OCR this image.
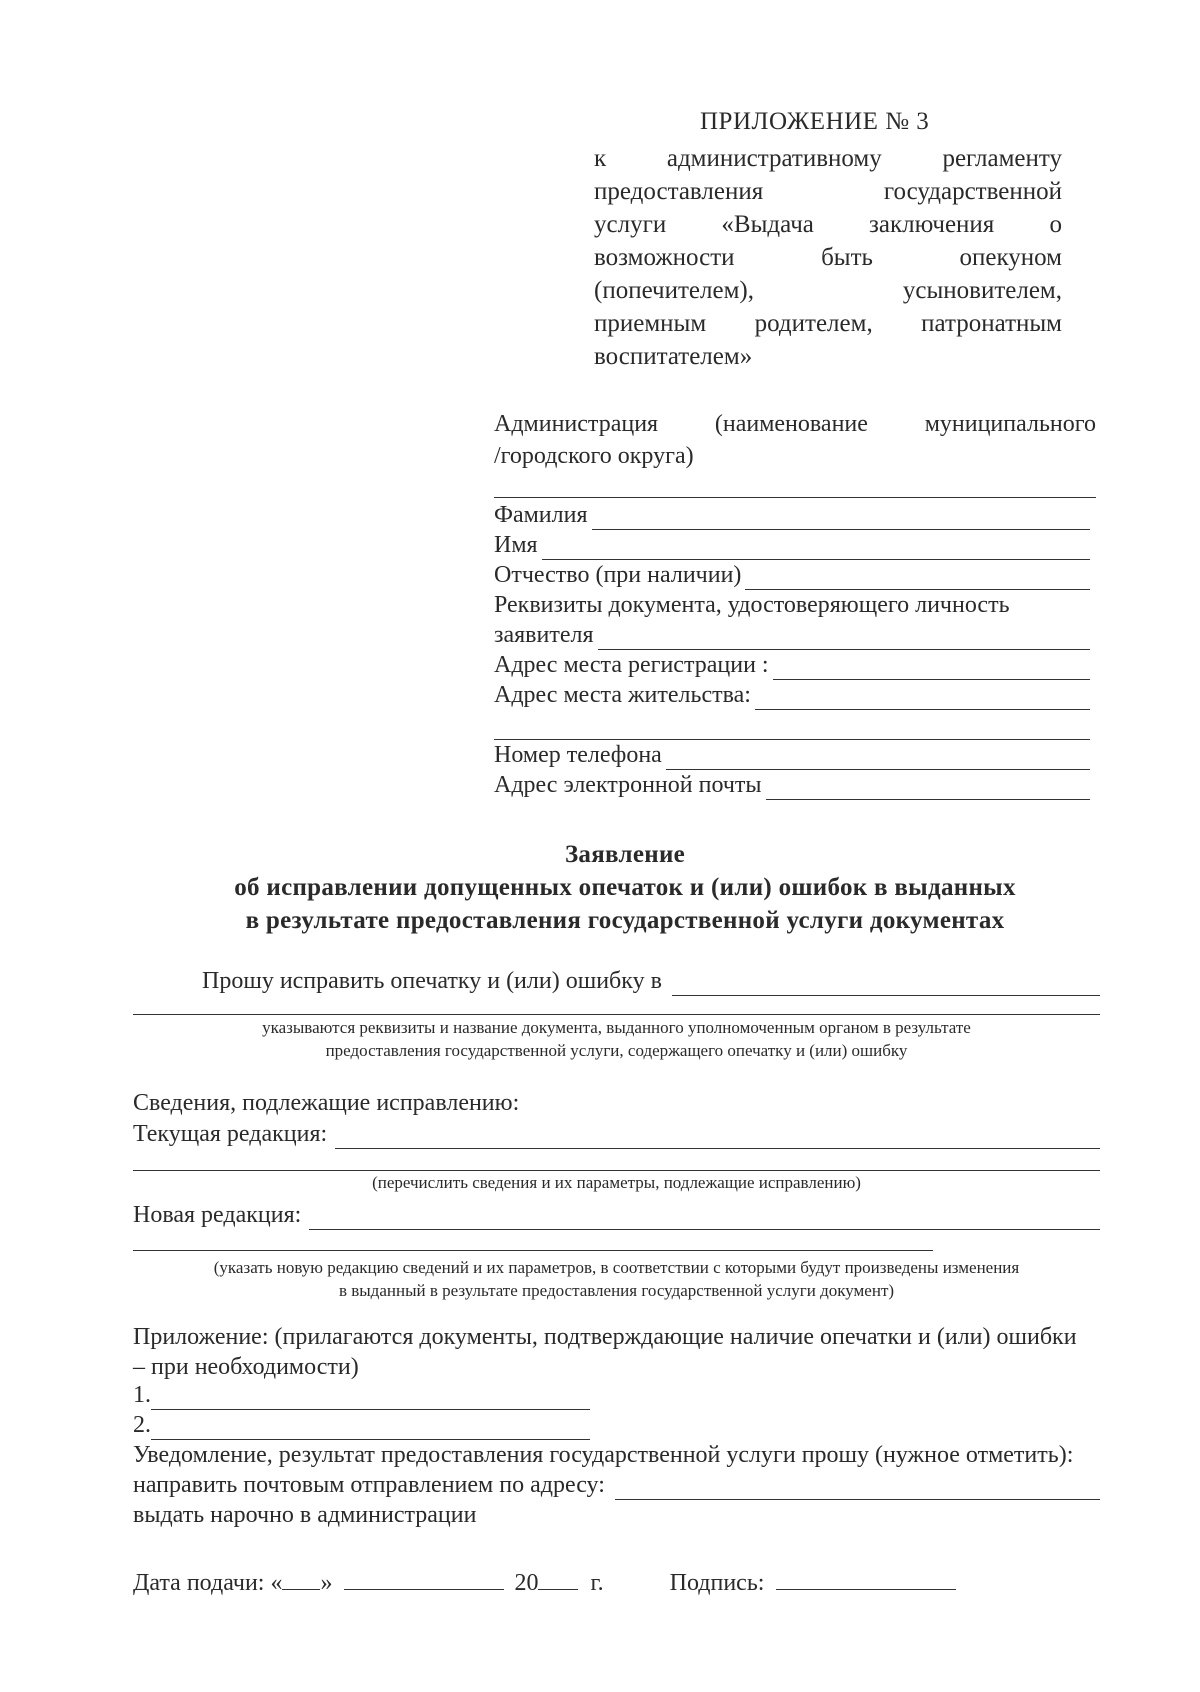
ПРИЛОЖЕНИЕ № 3
к административному регламенту
предоставления государственной
услуги «Выдача заключения о
возможности быть опекуном
(попечителем), усыновителем,
приемным родителем, патронатным
воспитателем»
Администрация (наименование муниципального
/городского округа)
Фамилия
Имя
Отчество (при наличии)
Реквизиты документа, удостоверяющего личность
заявителя
Адрес места регистрации :
Адрес места жительства:
Номер телефона
Адрес электронной почты
Заявление
об исправлении допущенных опечаток и (или) ошибок в выданных
в результате предоставления государственной услуги документах
Прошу исправить опечатку и (или) ошибку в
указываются реквизиты и название документа, выданного уполномоченным органом в результате
предоставления государственной услуги, содержащего опечатку и (или) ошибку
Сведения, подлежащие исправлению:
Текущая редакция:
(перечислить сведения и их параметры, подлежащие исправлению)
Новая редакция:
(указать новую редакцию сведений и их параметров, в соответствии с которыми будут произведены изменения
в выданный в результате предоставления государственной услуги документ)
Приложение: (прилагаются документы, подтверждающие наличие опечатки и (или) ошибки
– при необходимости)
1.
2.
Уведомление, результат предоставления государственной услуги прошу (нужное отметить):
направить почтовым отправлением по адресу:
выдать нарочно в администрации
Дата подачи: « »	20 г.	Подпись:
